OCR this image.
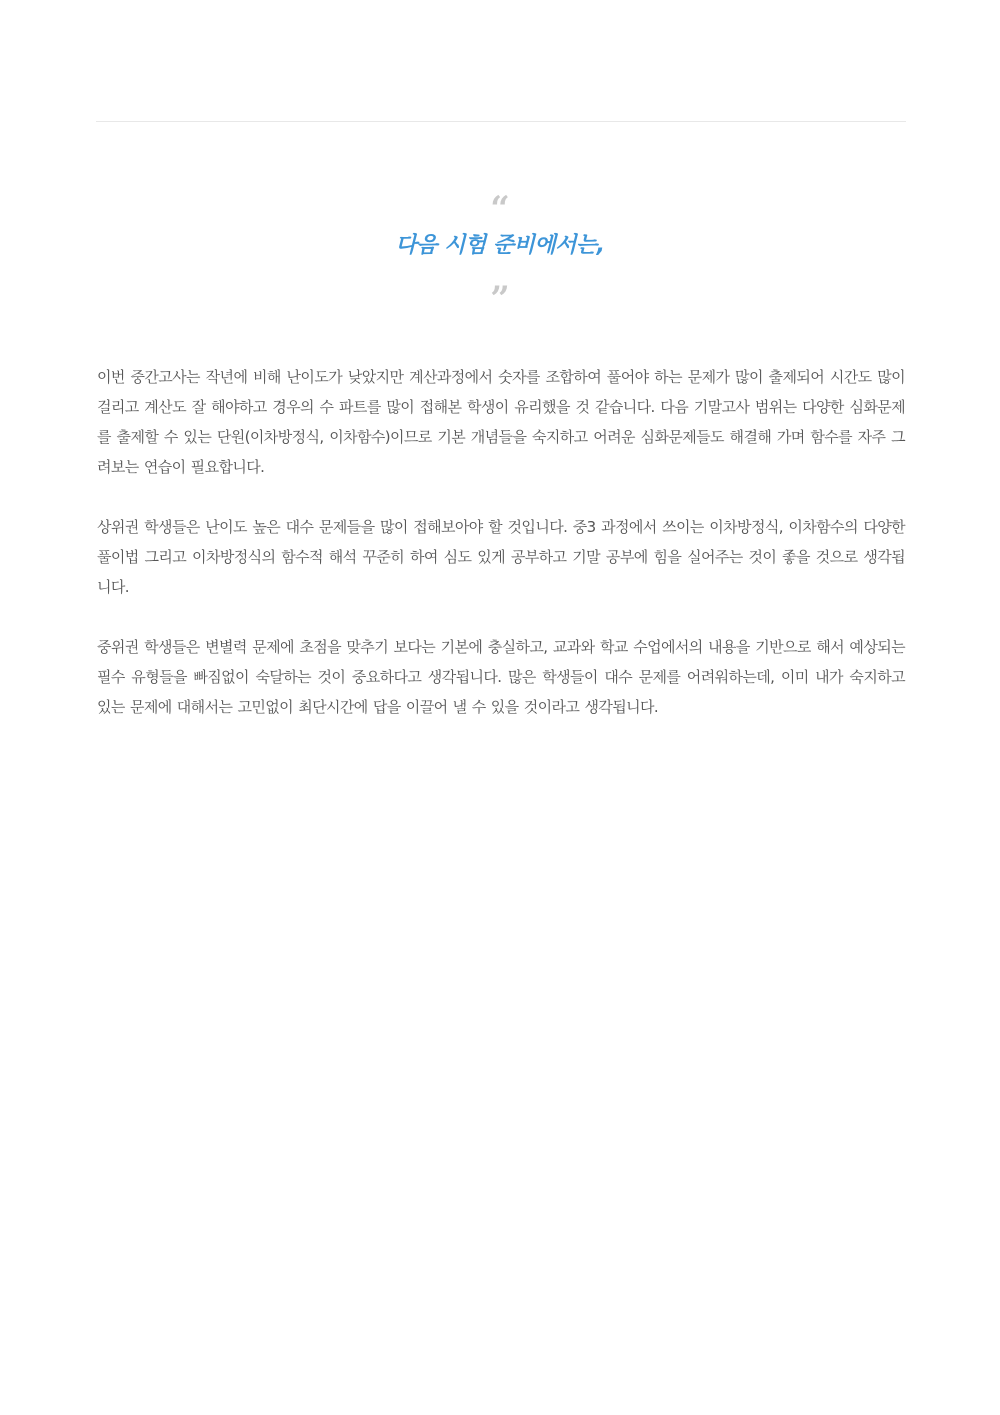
“
다음 시험 준비에서는,
”

이번 중간고사는 작년에 비해 난이도가 낮았지만 계산과정에서 숫자를 조합하여 풀어야 하는 문제가 많이 출제되어 시간도 많이 걸리고 계산도 잘 해야하고 경우의 수 파트를 많이 접해본 학생이 유리했을 것 같습니다. 다음 기말고사 범위는 다양한 심화문제를 출제할 수 있는 단원(이차방정식, 이차함수)이므로 기본 개념들을 숙지하고 어려운 심화문제들도 해결해 가며 함수를 자주 그려보는 연습이 필요합니다.

상위권 학생들은 난이도 높은 대수 문제들을 많이 접해보아야 할 것입니다. 중3 과정에서 쓰이는 이차방정식, 이차함수의 다양한 풀이법 그리고 이차방정식의 함수적 해석 꾸준히 하여 심도 있게 공부하고 기말 공부에 힘을 실어주는 것이 좋을 것으로 생각됩니다.

중위권 학생들은 변별력 문제에 초점을 맞추기 보다는 기본에 충실하고, 교과와 학교 수업에서의 내용을 기반으로 해서 예상되는 필수 유형들을 빠짐없이 숙달하는 것이 중요하다고 생각됩니다. 많은 학생들이 대수 문제를 어려워하는데, 이미 내가 숙지하고 있는 문제에 대해서는 고민없이 최단시간에 답을 이끌어 낼 수 있을 것이라고 생각됩니다.
